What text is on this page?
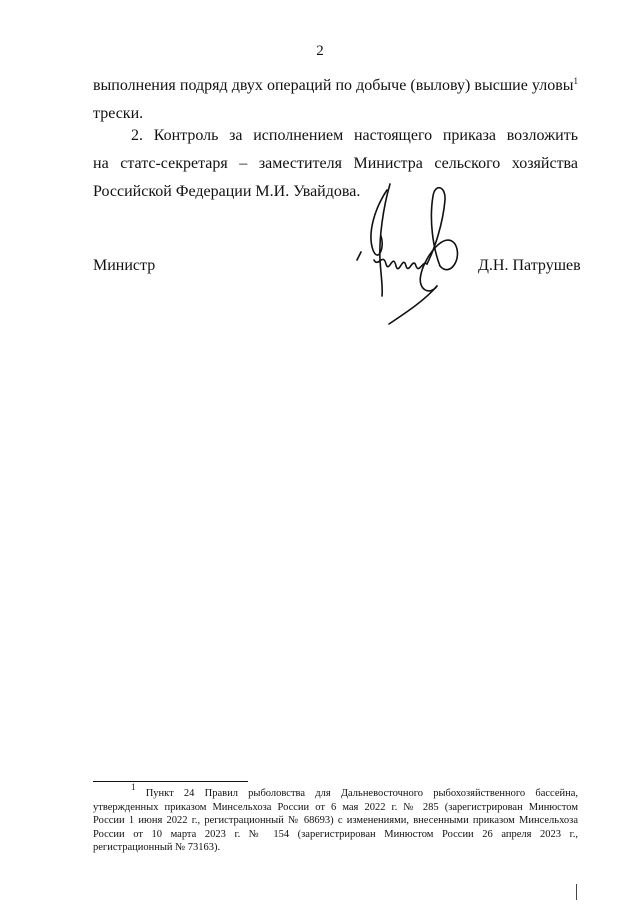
2
выполнения подряд двух операций по добыче (вылову) высшие уловы$^1$
трески.
2. Контроль за исполнением настоящего приказа возложить
на статс-секретаря – заместителя Министра сельского хозяйства
Российской Федерации М.И. Увайдова.
Министр	Д.Н. Патрушев
$^1$ Пункт 24 Правил рыболовства для Дальневосточного рыбохозяйственного бассейна,
утвержденных приказом Минсельхоза России от 6 мая 2022 г. № 285 (зарегистрирован Минюстом
России 1 июня 2022 г., регистрационный № 68693) с изменениями, внесенными приказом Минсельхоза
России от 10 марта 2023 г. № 154 (зарегистрирован Минюстом России 26 апреля 2023 г.,
регистрационный № 73163).
